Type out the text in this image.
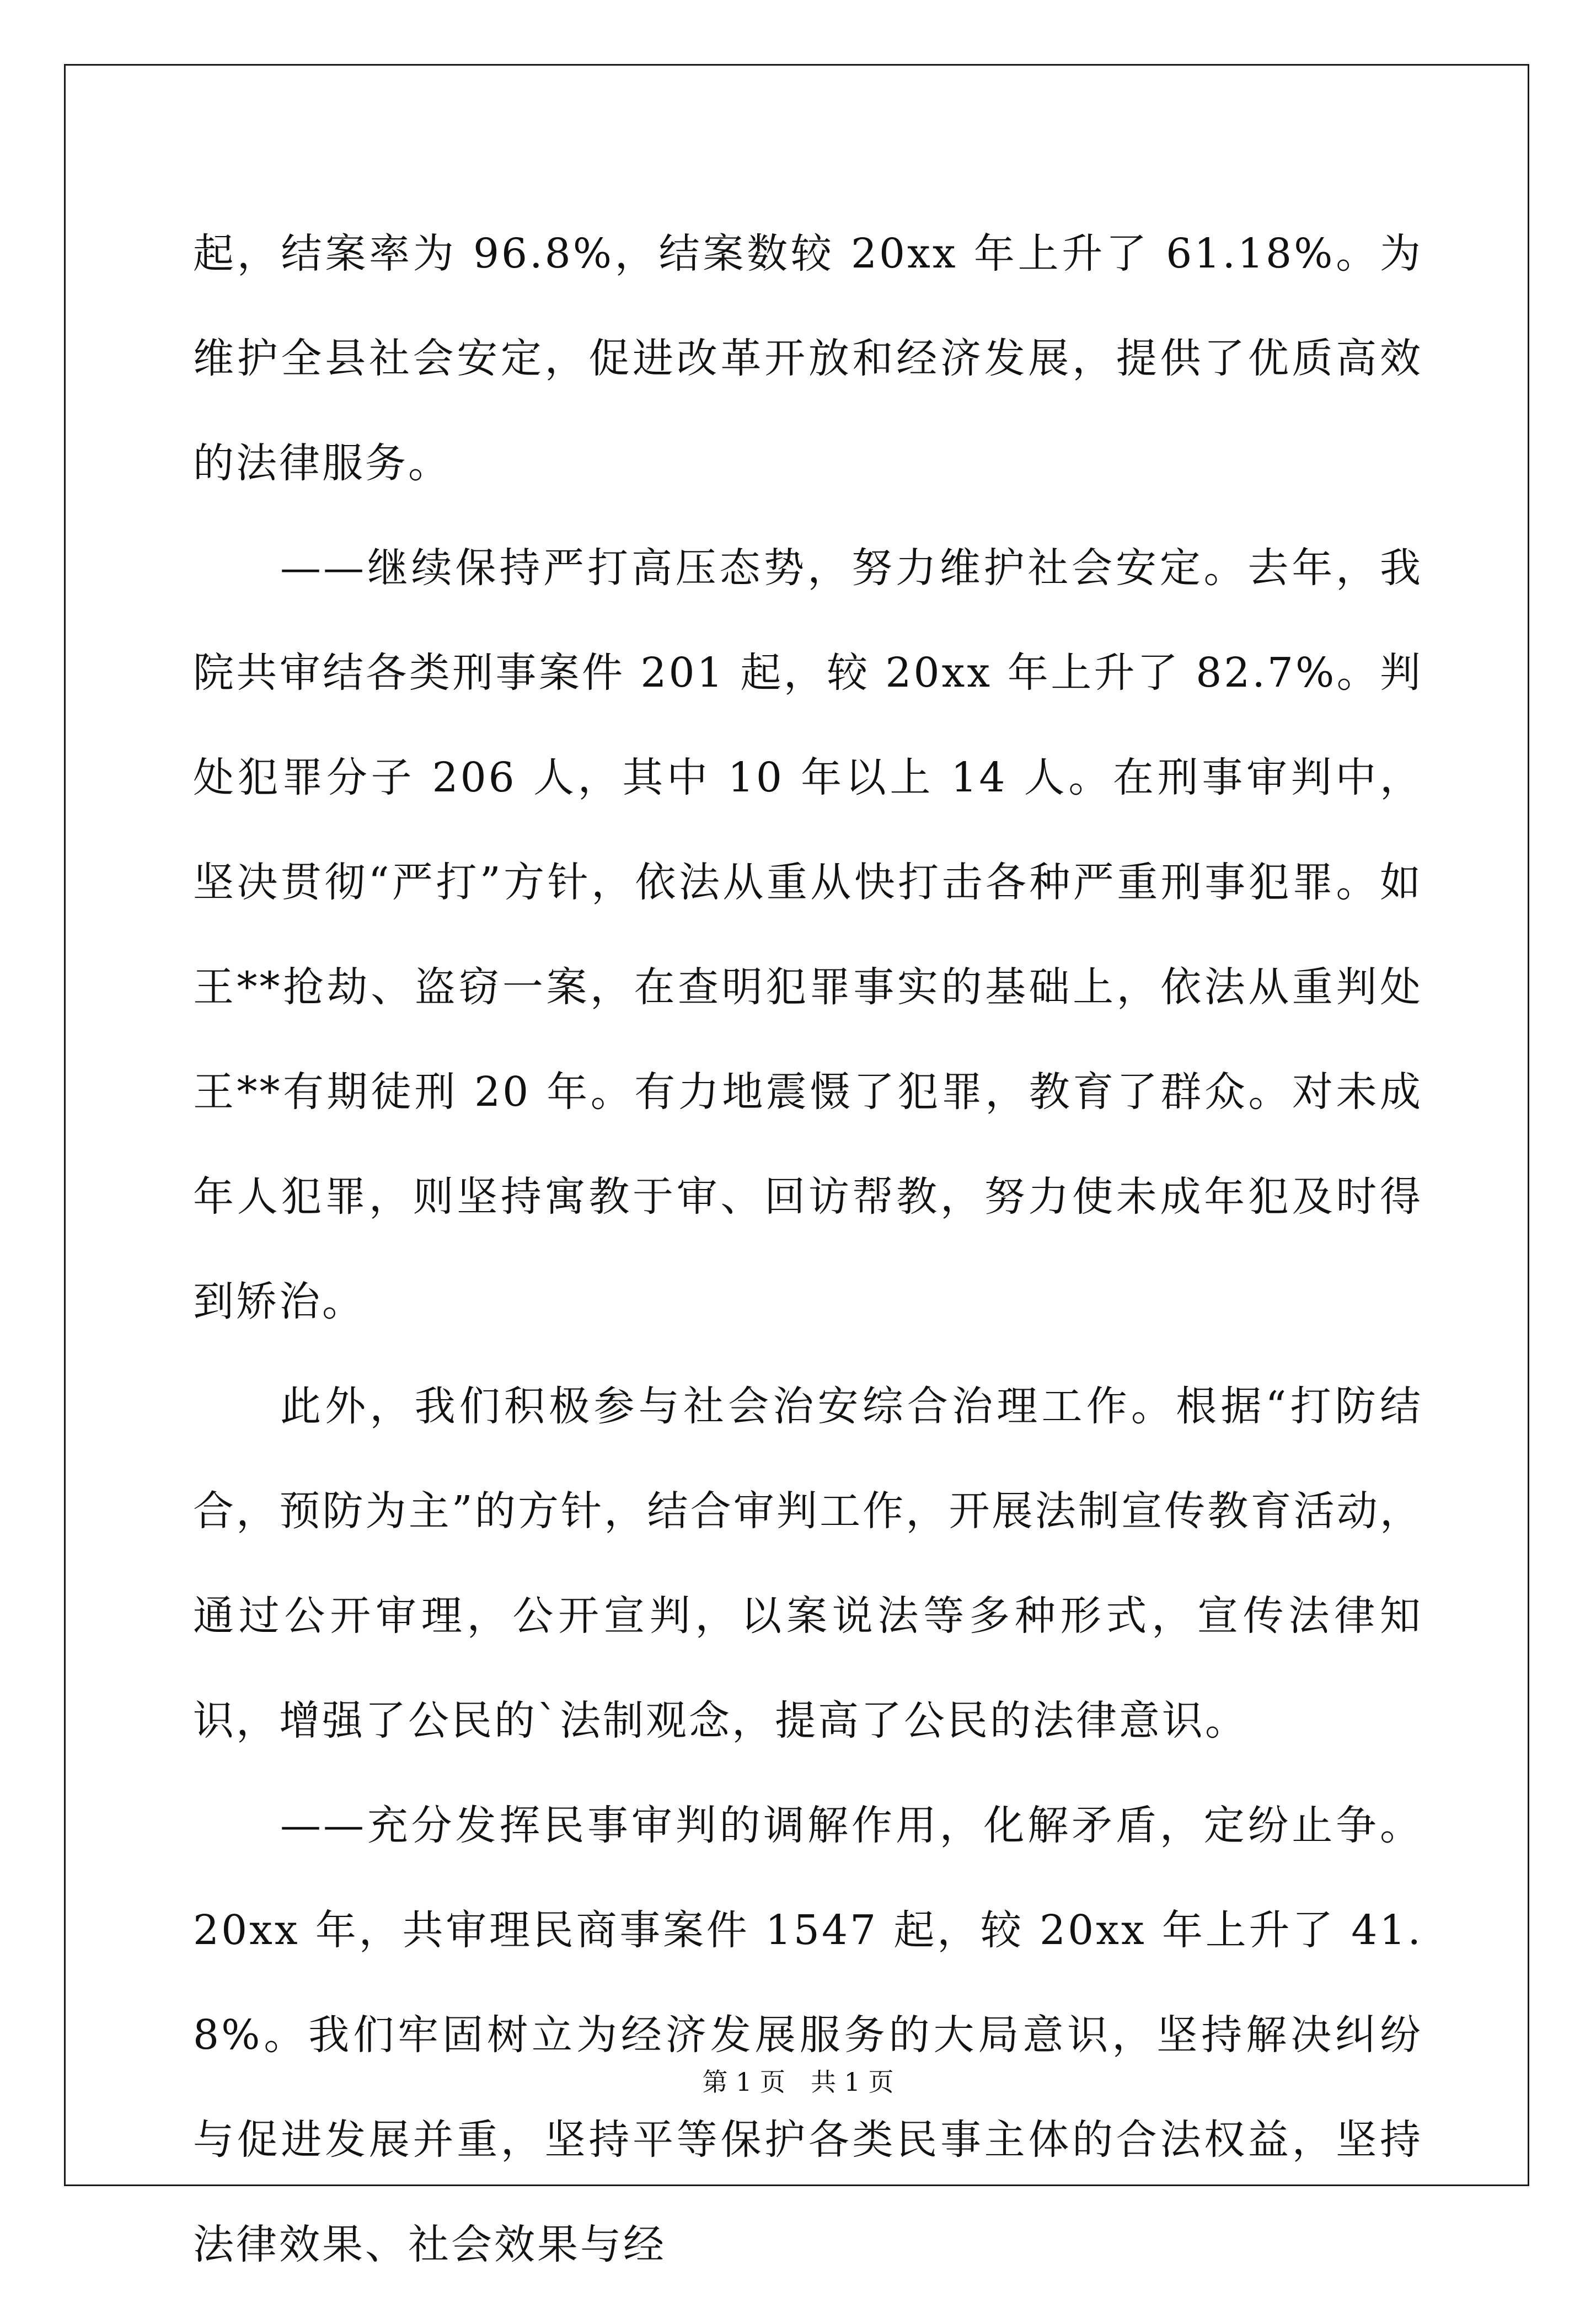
起，结案率为 96.8%，结案数较 20xx 年上升了 61.18%。为维护全县社会安定，促进改革开放和经济发展，提供了优质高效的法律服务。

——继续保持严打高压态势，努力维护社会安定。去年，我院共审结各类刑事案件 201 起，较 20xx 年上升了 82.7%。判处犯罪分子 206 人，其中 10 年以上 14 人。在刑事审判中，坚决贯彻“严打”方针，依法从重从快打击各种严重刑事犯罪。如王**抢劫、盗窃一案，在查明犯罪事实的基础上，依法从重判处王**有期徒刑 20 年。有力地震慑了犯罪，教育了群众。对未成年人犯罪，则坚持寓教于审、回访帮教，努力使未成年犯及时得到矫治。

此外，我们积极参与社会治安综合治理工作。根据“打防结合，预防为主”的方针，结合审判工作，开展法制宣传教育活动，通过公开审理，公开宣判，以案说法等多种形式，宣传法律知识，增强了公民的`法制观念，提高了公民的法律意识。

——充分发挥民事审判的调解作用，化解矛盾，定纷止争。 20xx 年，共审理民商事案件 1547 起，较 20xx 年上升了 41.8%。我们牢固树立为经济发展服务的大局意识，坚持解决纠纷与促进发展并重，坚持平等保护各类民事主体的合法权益，坚持法律效果、社会效果与经

第 1 页　共 1 页
